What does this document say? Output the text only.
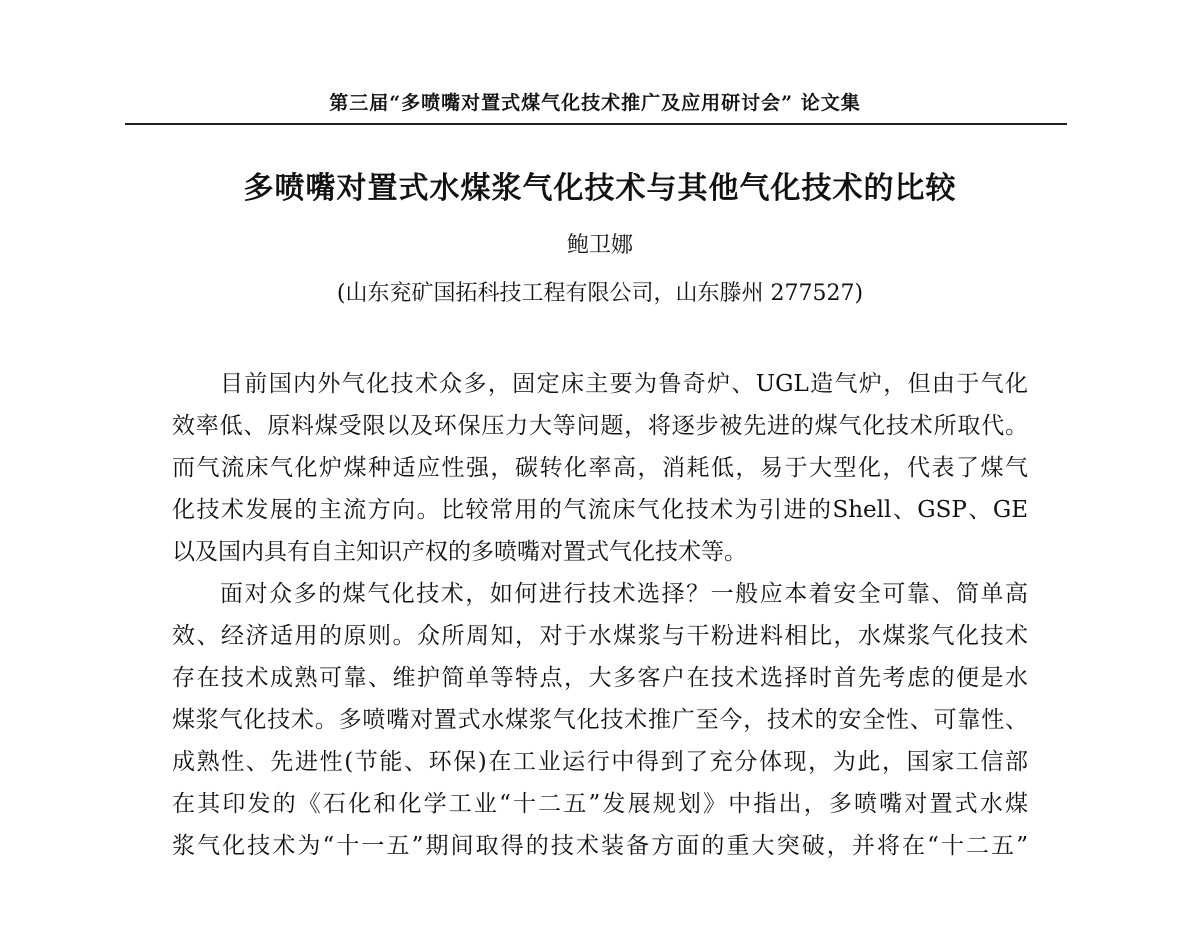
第三届“多喷嘴对置式煤气化技术推广及应用研讨会” 论文集
多喷嘴对置式水煤浆气化技术与其他气化技术的比较
鲍卫娜
(山东兖矿国拓科技工程有限公司，山东滕州 277527)
目前国内外气化技术众多，固定床主要为鲁奇炉、UGL造气炉，但由于气化
效率低、原料煤受限以及环保压力大等问题，将逐步被先进的煤气化技术所取代。
而气流床气化炉煤种适应性强，碳转化率高，消耗低，易于大型化，代表了煤气
化技术发展的主流方向。比较常用的气流床气化技术为引进的Shell、GSP、GE
以及国内具有自主知识产权的多喷嘴对置式气化技术等。
面对众多的煤气化技术，如何进行技术选择？一般应本着安全可靠、简单高
效、经济适用的原则。众所周知，对于水煤浆与干粉进料相比，水煤浆气化技术
存在技术成熟可靠、维护简单等特点，大多客户在技术选择时首先考虑的便是水
煤浆气化技术。多喷嘴对置式水煤浆气化技术推广至今，技术的安全性、可靠性、
成熟性、先进性(节能、环保)在工业运行中得到了充分体现，为此，国家工信部
在其印发的《石化和化学工业“十二五”发展规划》中指出，多喷嘴对置式水煤
浆气化技术为“十一五”期间取得的技术装备方面的重大突破，并将在“十二五”
